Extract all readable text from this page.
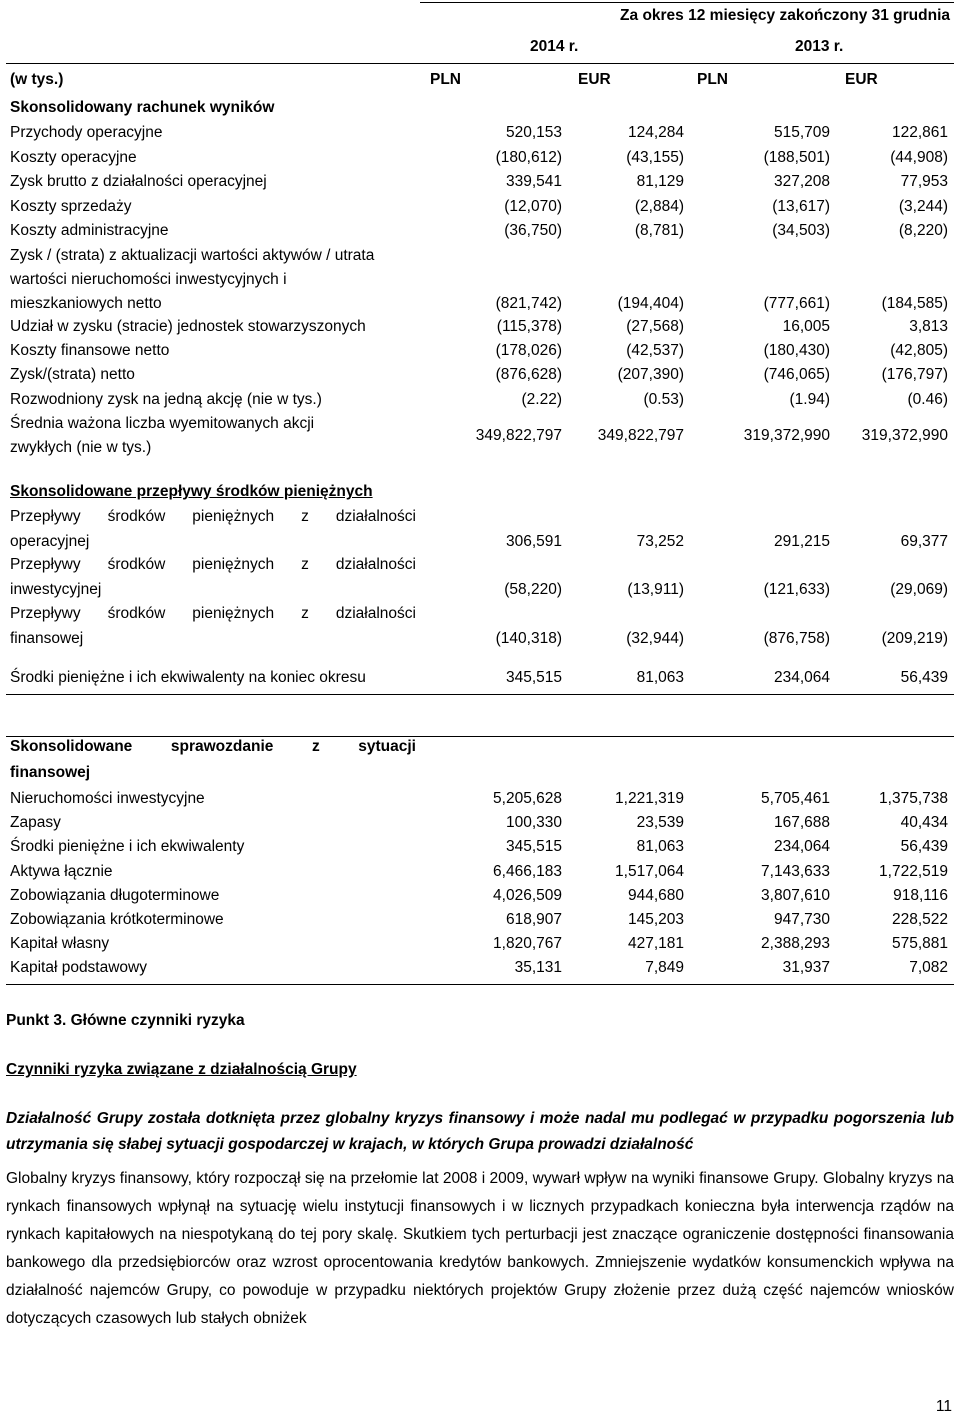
Za okres 12 miesięcy zakończony 31 grudnia
2014 r.	2013 r.
(w tys.)	PLN	EUR	PLN	EUR
Skonsolidowany rachunek wyników
Przychody operacyjne	520,153	124,284	515,709	122,861
Koszty operacyjne	(180,612)	(43,155)	(188,501)	(44,908)
Zysk brutto z działalności operacyjnej	339,541	81,129	327,208	77,953
Koszty sprzedaży	(12,070)	(2,884)	(13,617)	(3,244)
Koszty administracyjne	(36,750)	(8,781)	(34,503)	(8,220)
Zysk / (strata) z aktualizacji wartości aktywów / utrata
wartości nieruchomości inwestycyjnych i
mieszkaniowych netto	(821,742)	(194,404)	(777,661)	(184,585)
Udział w zysku (stracie) jednostek stowarzyszonych	(115,378)	(27,568)	16,005	3,813
Koszty finansowe netto	(178,026)	(42,537)	(180,430)	(42,805)
Zysk/(strata) netto	(876,628)	(207,390)	(746,065)	(176,797)
Rozwodniony zysk na jedną akcję (nie w tys.)	(2.22)	(0.53)	(1.94)	(0.46)
Średnia ważona liczba wyemitowanych akcji
zwykłych (nie w tys.)
349,822,797	349,822,797	319,372,990	319,372,990
Skonsolidowane przepływy środków pieniężnych
Przepływy środków pieniężnych z działalności
operacyjnej	306,591	73,252	291,215	69,377
Przepływy środków pieniężnych z działalności
inwestycyjnej	(58,220)	(13,911)	(121,633)	(29,069)
Przepływy środków pieniężnych z działalności
finansowej	(140,318)	(32,944)	(876,758)	(209,219)
Środki pieniężne i ich ekwiwalenty na koniec okresu	345,515	81,063	234,064	56,439
Skonsolidowane sprawozdanie z sytuacji
finansowej
Nieruchomości inwestycyjne	5,205,628	1,221,319	5,705,461	1,375,738
Zapasy	100,330	23,539	167,688	40,434
Środki pieniężne i ich ekwiwalenty	345,515	81,063	234,064	56,439
Aktywa łącznie	6,466,183	1,517,064	7,143,633	1,722,519
Zobowiązania długoterminowe	4,026,509	944,680	3,807,610	918,116
Zobowiązania krótkoterminowe	618,907	145,203	947,730	228,522
Kapitał własny	1,820,767	427,181	2,388,293	575,881
Kapitał podstawowy	35,131	7,849	31,937	7,082
Punkt 3. Główne czynniki ryzyka
Czynniki ryzyka związane z działalnością Grupy
Działalność Grupy została dotknięta przez globalny kryzys finansowy i może nadal mu podlegać w przypadku pogorszenia lub utrzymania się słabej sytuacji gospodarczej w krajach, w których Grupa prowadzi działalność
Globalny kryzys finansowy, który rozpoczął się na przełomie lat 2008 i 2009, wywarł wpływ na wyniki finansowe Grupy. Globalny kryzys na rynkach finansowych wpłynął na sytuację wielu instytucji finansowych i w licznych przypadkach konieczna była interwencja rządów na rynkach kapitałowych na niespotykaną do tej pory skalę. Skutkiem tych perturbacji jest znaczące ograniczenie dostępności finansowania bankowego dla przedsiębiorców oraz wzrost oprocentowania kredytów bankowych. Zmniejszenie wydatków konsumenckich wpływa na działalność najemców Grupy, co powoduje w przypadku niektórych projektów Grupy złożenie przez dużą część najemców wniosków dotyczących czasowych lub stałych obniżek
11
